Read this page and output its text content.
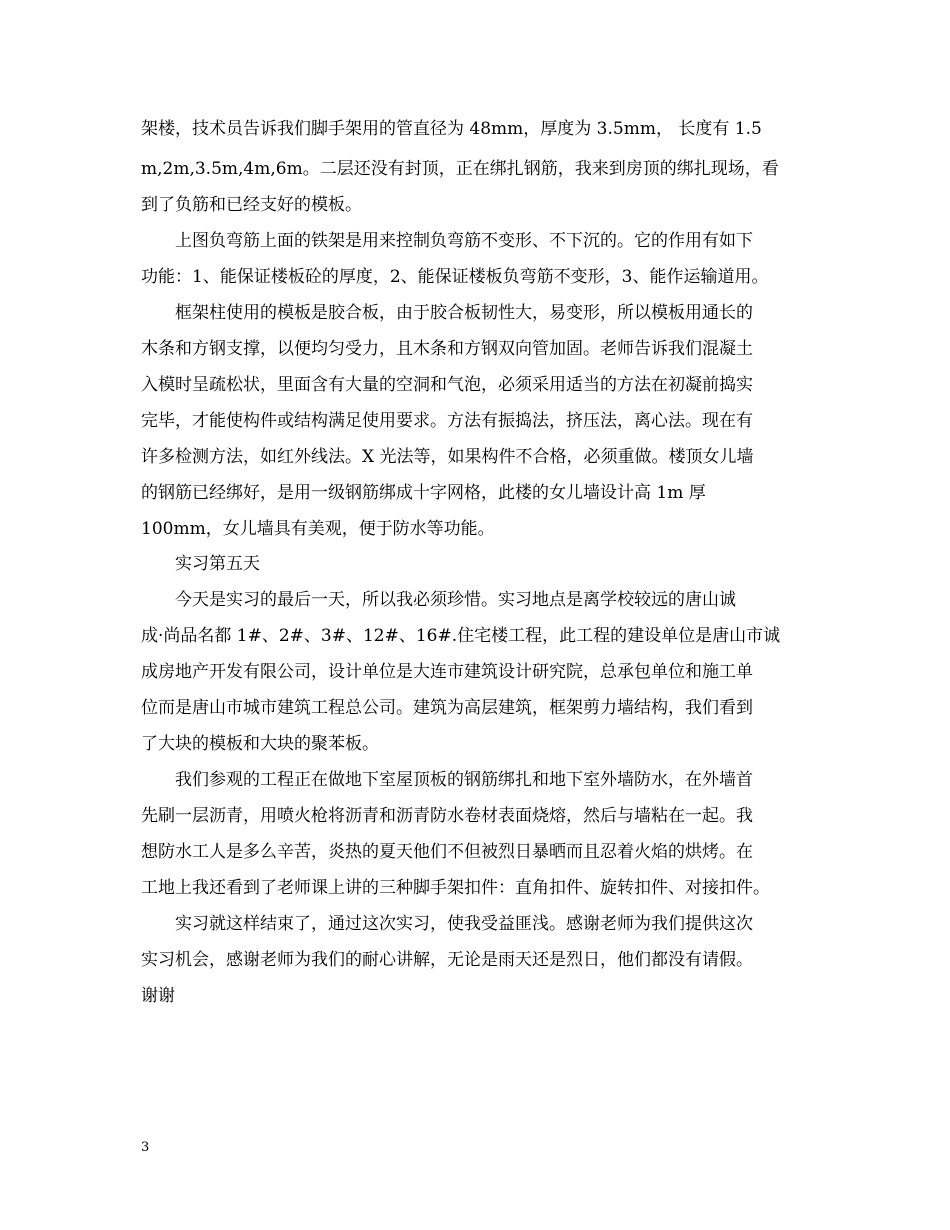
架楼，技术员告诉我们脚手架用的管直径为 48mm，厚度为 3.5mm， 长度有 1.5
m,2m,3.5m,4m,6m。二层还没有封顶，正在绑扎钢筋，我来到房顶的绑扎现场，看
到了负筋和已经支好的模板。
上图负弯筋上面的铁架是用来控制负弯筋不变形、不下沉的。它的作用有如下
功能：1、能保证楼板砼的厚度，2、能保证楼板负弯筋不变形，3、能作运输道用。
框架柱使用的模板是胶合板，由于胶合板韧性大，易变形，所以模板用通长的
木条和方钢支撑，以便均匀受力，且木条和方钢双向管加固。老师告诉我们混凝土
入模时呈疏松状，里面含有大量的空洞和气泡，必须采用适当的方法在初凝前捣实
完毕，才能使构件或结构满足使用要求。方法有振捣法，挤压法，离心法。现在有
许多检测方法，如红外线法。X 光法等，如果构件不合格，必须重做。楼顶女儿墙
的钢筋已经绑好，是用一级钢筋绑成十字网格，此楼的女儿墙设计高 1m 厚
100mm，女儿墙具有美观，便于防水等功能。
实习第五天
今天是实习的最后一天，所以我必须珍惜。实习地点是离学校较远的唐山诚
成·尚品名都 1#、2#、3#、12#、16#.住宅楼工程，此工程的建设单位是唐山市诚
成房地产开发有限公司，设计单位是大连市建筑设计研究院，总承包单位和施工单
位而是唐山市城市建筑工程总公司。建筑为高层建筑，框架剪力墙结构，我们看到
了大块的模板和大块的聚苯板。
我们参观的工程正在做地下室屋顶板的钢筋绑扎和地下室外墙防水，在外墙首
先刷一层沥青，用喷火枪将沥青和沥青防水卷材表面烧熔，然后与墙粘在一起。我
想防水工人是多么辛苦，炎热的夏天他们不但被烈日暴晒而且忍着火焰的烘烤。在
工地上我还看到了老师课上讲的三种脚手架扣件：直角扣件、旋转扣件、对接扣件。
实习就这样结束了，通过这次实习，使我受益匪浅。感谢老师为我们提供这次
实习机会，感谢老师为我们的耐心讲解，无论是雨天还是烈日，他们都没有请假。
谢谢
3
